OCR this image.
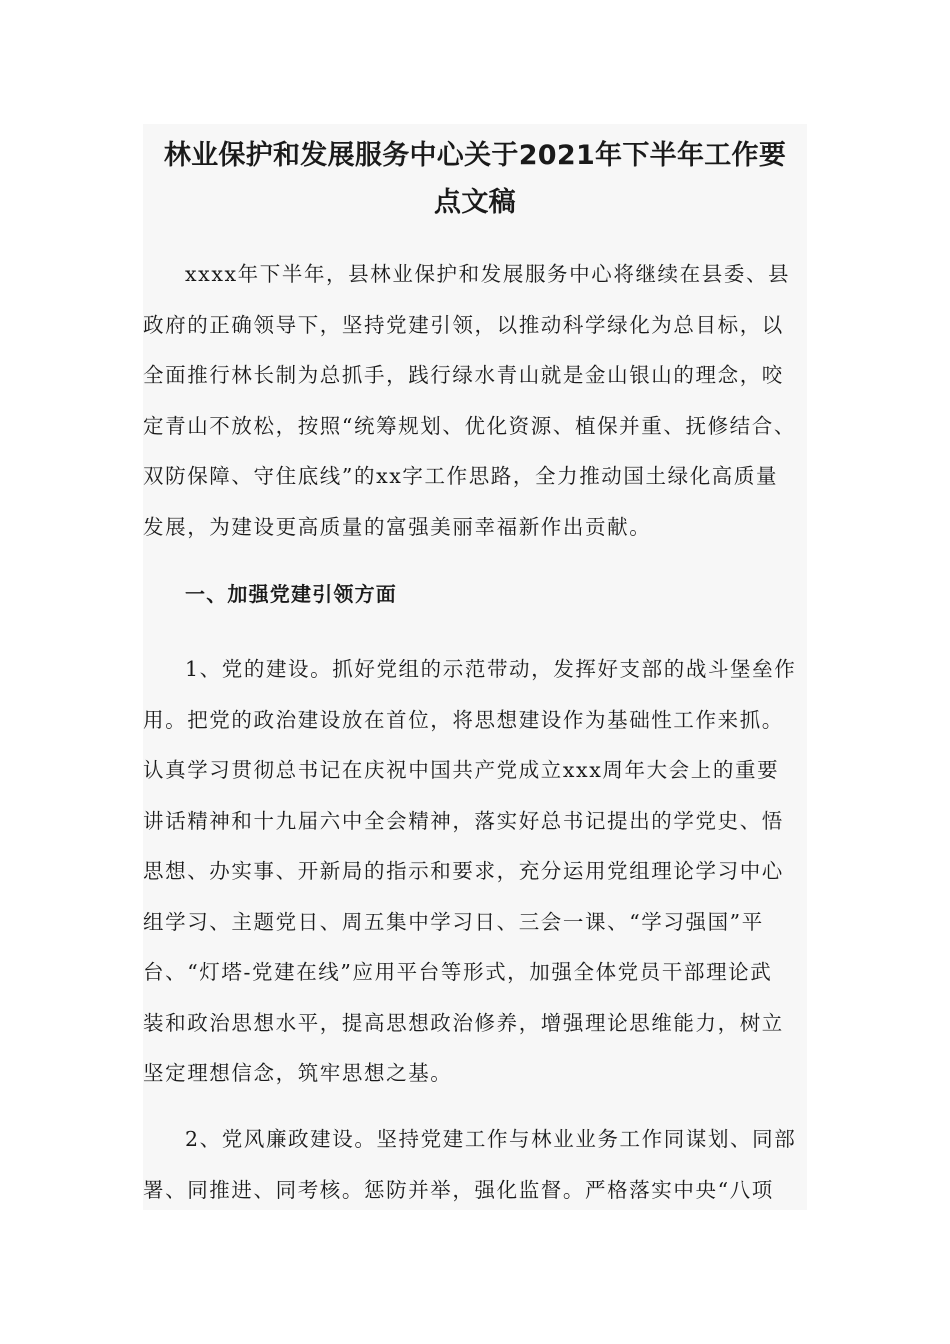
林业保护和发展服务中心关于2021年下半年工作要
点文稿
xxxx年下半年，县林业保护和发展服务中心将继续在县委、县
政府的正确领导下，坚持党建引领，以推动科学绿化为总目标，以
全面推行林长制为总抓手，践行绿水青山就是金山银山的理念，咬
定青山不放松，按照“统筹规划、优化资源、植保并重、抚修结合、
双防保障、守住底线”的xx字工作思路，全力推动国土绿化高质量
发展，为建设更高质量的富强美丽幸福新作出贡献。
一、加强党建引领方面
1、党的建设。抓好党组的示范带动，发挥好支部的战斗堡垒作
用。把党的政治建设放在首位，将思想建设作为基础性工作来抓。
认真学习贯彻总书记在庆祝中国共产党成立xxx周年大会上的重要
讲话精神和十九届六中全会精神，落实好总书记提出的学党史、悟
思想、办实事、开新局的指示和要求，充分运用党组理论学习中心
组学习、主题党日、周五集中学习日、三会一课、“学习强国”平
台、“灯塔-党建在线”应用平台等形式，加强全体党员干部理论武
装和政治思想水平，提高思想政治修养，增强理论思维能力，树立
坚定理想信念，筑牢思想之基。
2、党风廉政建设。坚持党建工作与林业业务工作同谋划、同部
署、同推进、同考核。惩防并举，强化监督。严格落实中央“八项
